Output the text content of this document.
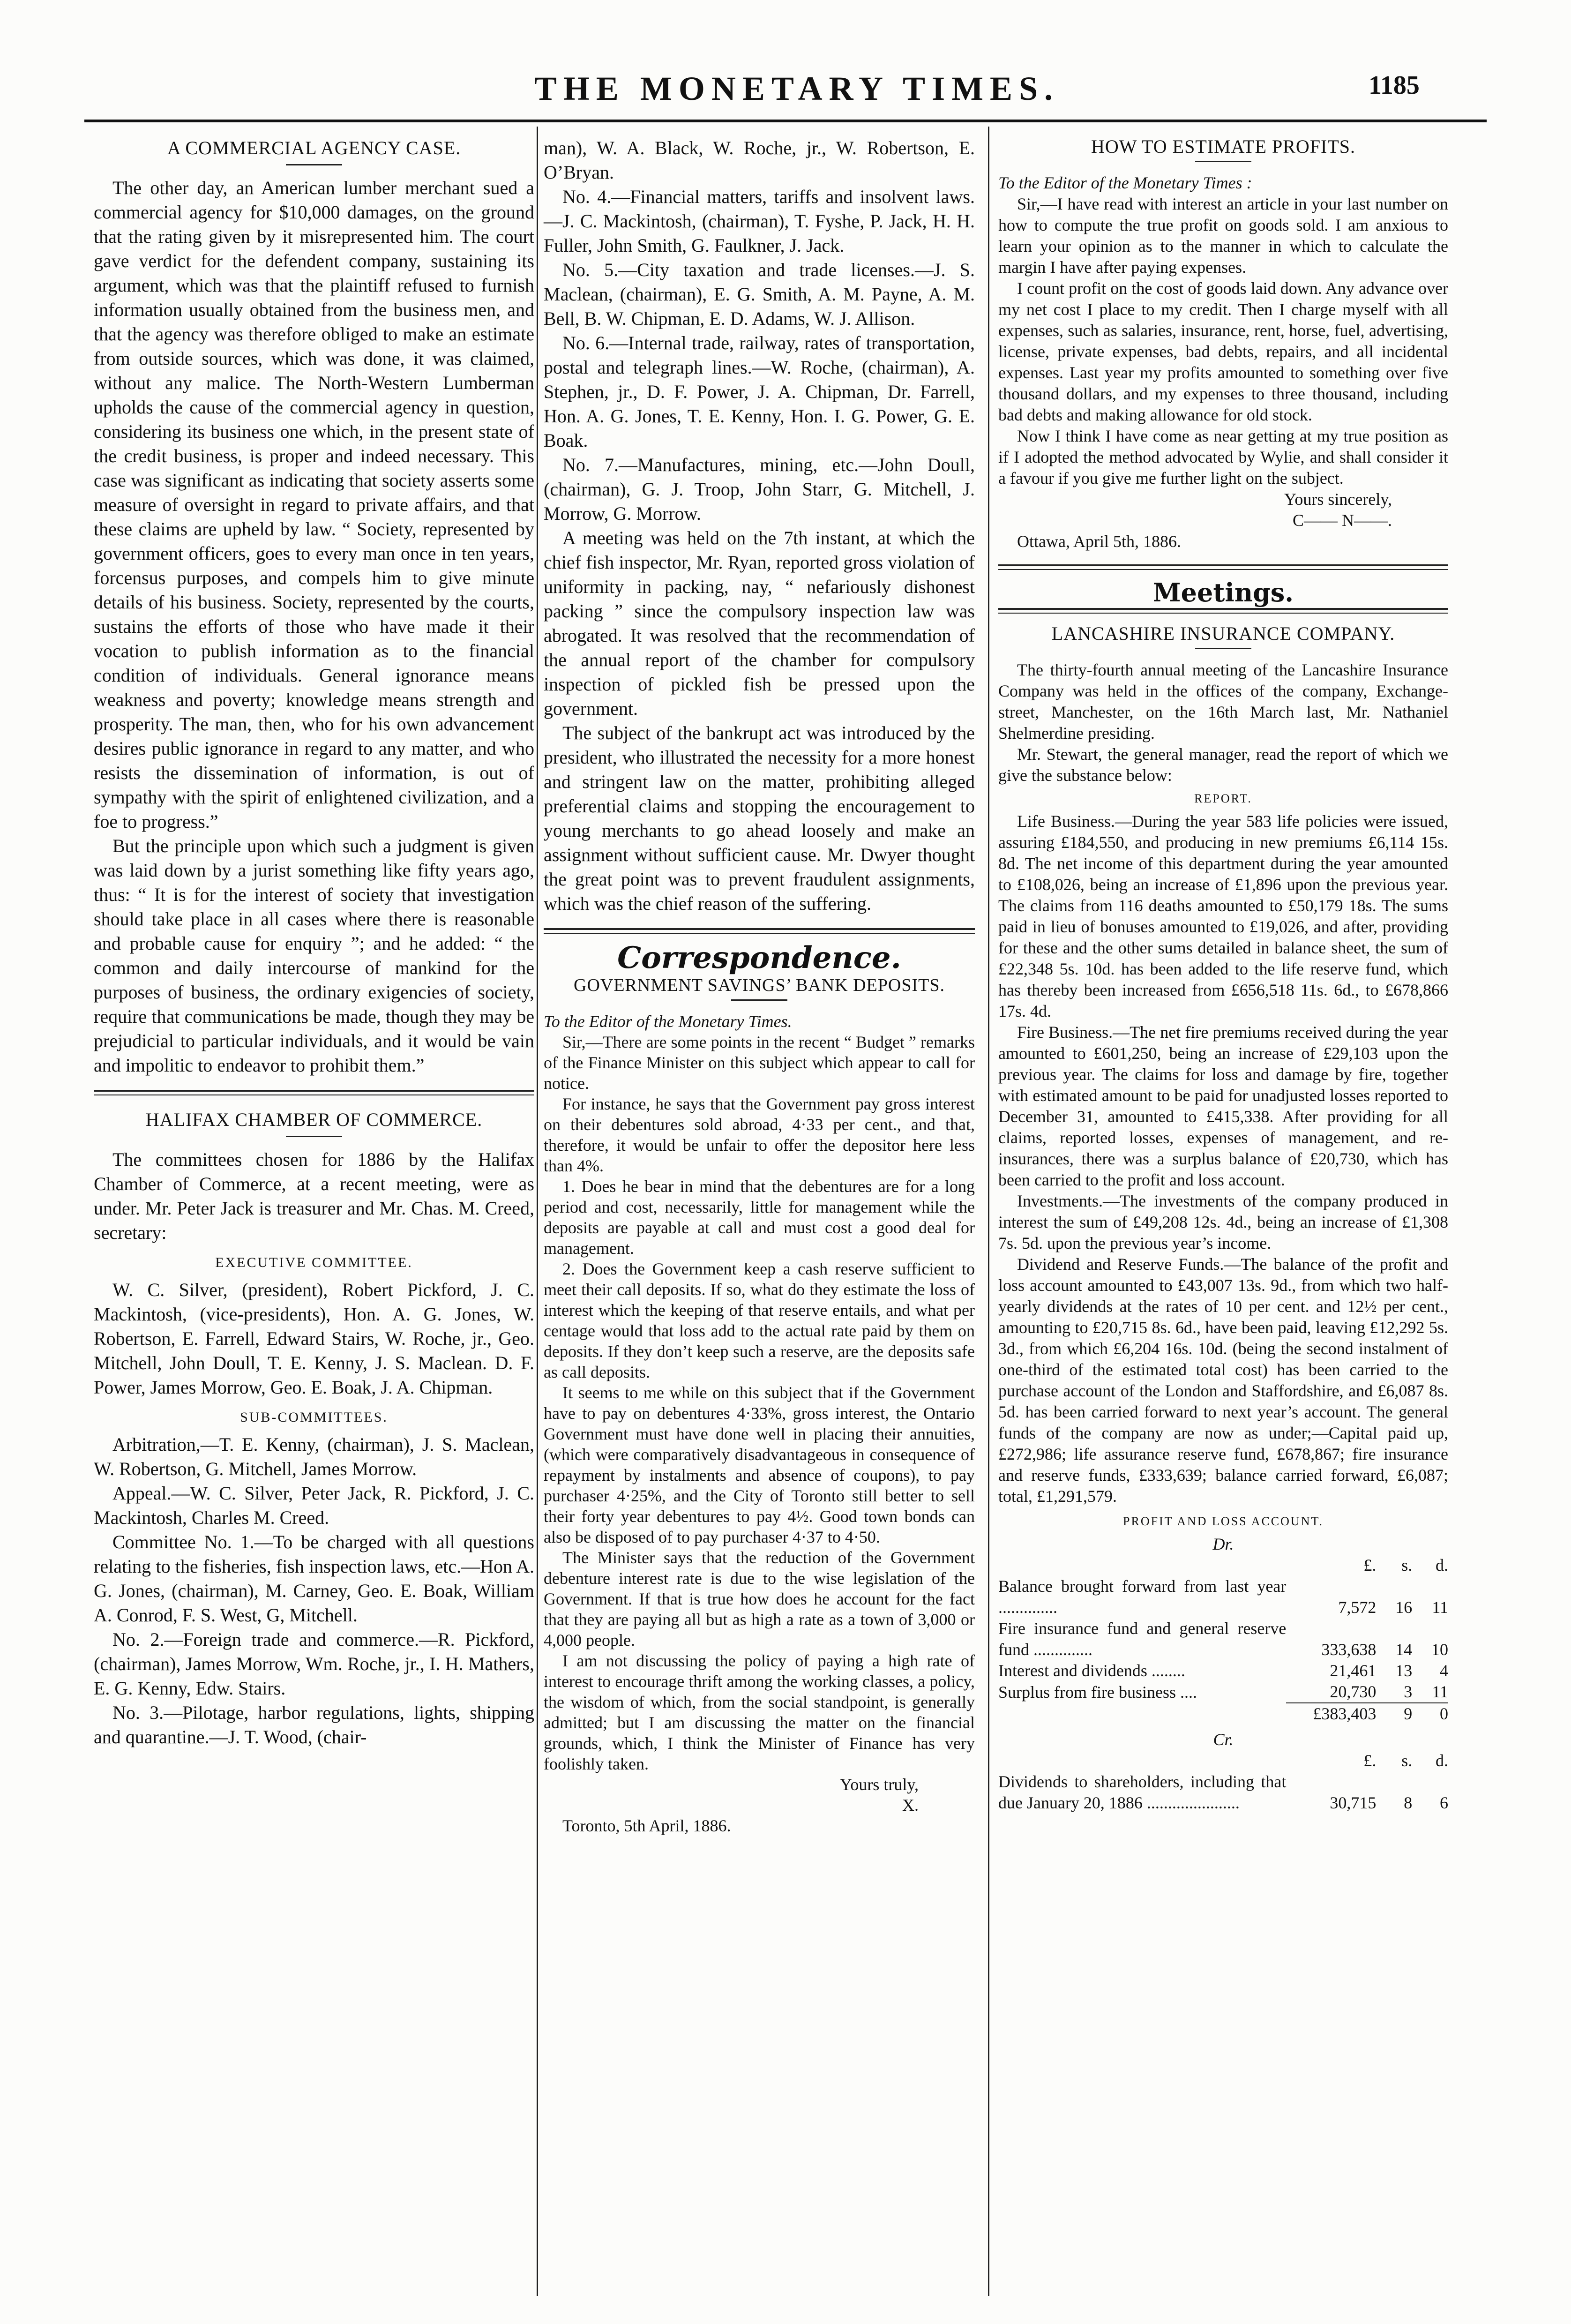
THE MONETARY TIMES.	1185
A COMMERCIAL AGENCY CASE.

The other day, an American lumber merchant sued a commercial agency for $10,000 damages, on the ground that the rating given by it misrepresented him. The court gave verdict for the defendent company, sustaining its argument, which was that the plaintiff refused to furnish information usually obtained from the business men, and that the agency was therefore obliged to make an estimate from outside sources, which was done, it was claimed, without any malice. The North-Western Lumberman upholds the cause of the commercial agency in question, considering its business one which, in the present state of the credit business, is proper and indeed necessary. This case was significant as indicating that society asserts some measure of oversight in regard to private affairs, and that these claims are upheld by law. “ Society, represented by government officers, goes to every man once in ten years, forcensus purposes, and compels him to give minute details of his business. Society, represented by the courts, sustains the efforts of those who have made it their vocation to publish information as to the financial condition of individuals. General ignorance means weakness and poverty; knowledge means strength and prosperity. The man, then, who for his own advancement desires public ignorance in regard to any matter, and who resists the dissemination of information, is out of sympathy with the spirit of enlightened civilization, and a foe to progress.”

But the principle upon which such a judgment is given was laid down by a jurist something like fifty years ago, thus: “ It is for the interest of society that investigation should take place in all cases where there is reasonable and probable cause for enquiry ”; and he added: “ the common and daily intercourse of mankind for the purposes of business, the ordinary exigencies of society, require that communications be made, though they may be prejudicial to particular individuals, and it would be vain and impolitic to endeavor to prohibit them.”

HALIFAX CHAMBER OF COMMERCE.

The committees chosen for 1886 by the Halifax Chamber of Commerce, at a recent meeting, were as under. Mr. Peter Jack is treasurer and Mr. Chas. M. Creed, secretary:

EXECUTIVE COMMITTEE.

W. C. Silver, (president), Robert Pickford, J. C. Mackintosh, (vice-presidents), Hon. A. G. Jones, W. Robertson, E. Farrell, Edward Stairs, W. Roche, jr., Geo. Mitchell, John Doull, T. E. Kenny, J. S. Maclean. D. F. Power, James Morrow, Geo. E. Boak, J. A. Chipman.

SUB-COMMITTEES.

Arbitration,—T. E. Kenny, (chairman), J. S. Maclean, W. Robertson, G. Mitchell, James Morrow.

Appeal.—W. C. Silver, Peter Jack, R. Pickford, J. C. Mackintosh, Charles M. Creed.

Committee No. 1.—To be charged with all questions relating to the fisheries, fish inspection laws, etc.—Hon A. G. Jones, (chairman), M. Carney, Geo. E. Boak, William A. Conrod, F. S. West, G, Mitchell.

No. 2.—Foreign trade and commerce.—R. Pickford, (chairman), James Morrow, Wm. Roche, jr., I. H. Mathers, E. G. Kenny, Edw. Stairs.

No. 3.—Pilotage, harbor regulations, lights, shipping and quarantine.—J. T. Wood, (chair-

man), W. A. Black, W. Roche, jr., W. Robertson, E. O’Bryan.

No. 4.—Financial matters, tariffs and insolvent laws.—J. C. Mackintosh, (chairman), T. Fyshe, P. Jack, H. H. Fuller, John Smith, G. Faulkner, J. Jack.

No. 5.—City taxation and trade licenses.—J. S. Maclean, (chairman), E. G. Smith, A. M. Payne, A. M. Bell, B. W. Chipman, E. D. Adams, W. J. Allison.

No. 6.—Internal trade, railway, rates of transportation, postal and telegraph lines.—W. Roche, (chairman), A. Stephen, jr., D. F. Power, J. A. Chipman, Dr. Farrell, Hon. A. G. Jones, T. E. Kenny, Hon. I. G. Power, G. E. Boak.

No. 7.—Manufactures, mining, etc.—John Doull, (chairman), G. J. Troop, John Starr, G. Mitchell, J. Morrow, G. Morrow.

A meeting was held on the 7th instant, at which the chief fish inspector, Mr. Ryan, reported gross violation of uniformity in packing, nay, “ nefariously dishonest packing ” since the compulsory inspection law was abrogated. It was resolved that the recommendation of the annual report of the chamber for compulsory inspection of pickled fish be pressed upon the government.

The subject of the bankrupt act was introduced by the president, who illustrated the necessity for a more honest and stringent law on the matter, prohibiting alleged preferential claims and stopping the encouragement to young merchants to go ahead loosely and make an assignment without sufficient cause. Mr. Dwyer thought the great point was to prevent fraudulent assignments, which was the chief reason of the suffering.

Correspondence.
GOVERNMENT SAVINGS’ BANK DEPOSITS.

To the Editor of the Monetary Times.

Sir,—There are some points in the recent “ Budget ” remarks of the Finance Minister on this subject which appear to call for notice.

For instance, he says that the Government pay gross interest on their debentures sold abroad, 4·33 per cent., and that, therefore, it would be unfair to offer the depositor here less than 4%.

1. Does he bear in mind that the debentures are for a long period and cost, necessarily, little for management while the deposits are payable at call and must cost a good deal for management.

2. Does the Government keep a cash reserve sufficient to meet their call deposits. If so, what do they estimate the loss of interest which the keeping of that reserve entails, and what per centage would that loss add to the actual rate paid by them on deposits. If they don’t keep such a reserve, are the deposits safe as call deposits.

It seems to me while on this subject that if the Government have to pay on debentures 4·33%, gross interest, the Ontario Government must have done well in placing their annuities, (which were comparatively disadvantageous in consequence of repayment by instalments and absence of coupons), to pay purchaser 4·25%, and the City of Toronto still better to sell their forty year debentures to pay 4½. Good town bonds can also be disposed of to pay purchaser 4·37 to 4·50.

The Minister says that the reduction of the Government debenture interest rate is due to the wise legislation of the Government. If that is true how does he account for the fact that they are paying all but as high a rate as a town of 3,000 or 4,000 people.

I am not discussing the policy of paying a high rate of interest to encourage thrift among the working classes, a policy, the wisdom of which, from the social standpoint, is generally admitted; but I am discussing the matter on the financial grounds, which, I think the Minister of Finance has very foolishly taken.

Yours truly,

X.

Toronto, 5th April, 1886.

HOW TO ESTIMATE PROFITS.

To the Editor of the Monetary Times :

Sir,—I have read with interest an article in your last number on how to compute the true profit on goods sold. I am anxious to learn your opinion as to the manner in which to calculate the margin I have after paying expenses.

I count profit on the cost of goods laid down. Any advance over my net cost I place to my credit. Then I charge myself with all expenses, such as salaries, insurance, rent, horse, fuel, advertising, license, private expenses, bad debts, repairs, and all incidental expenses. Last year my profits amounted to something over five thousand dollars, and my expenses to three thousand, including bad debts and making allowance for old stock.

Now I think I have come as near getting at my true position as if I adopted the method advocated by Wylie, and shall consider it a favour if you give me further light on the subject.

Yours sincerely,

C—— N——.

Ottawa, April 5th, 1886.

Meetings.
LANCASHIRE INSURANCE COMPANY.

The thirty-fourth annual meeting of the Lancashire Insurance Company was held in the offices of the company, Exchange-street, Manchester, on the 16th March last, Mr. Nathaniel Shelmerdine presiding.

Mr. Stewart, the general manager, read the report of which we give the substance below:

REPORT.

Life Business.—During the year 583 life policies were issued, assuring £184,550, and producing in new premiums £6,114 15s. 8d. The net income of this department during the year amounted to £108,026, being an increase of £1,896 upon the previous year. The claims from 116 deaths amounted to £50,179 18s. The sums paid in lieu of bonuses amounted to £19,026, and after, providing for these and the other sums detailed in balance sheet, the sum of £22,348 5s. 10d. has been added to the life reserve fund, which has thereby been increased from £656,518 11s. 6d., to £678,866 17s. 4d.

Fire Business.—The net fire premiums received during the year amounted to £601,250, being an increase of £29,103 upon the previous year. The claims for loss and damage by fire, together with estimated amount to be paid for unadjusted losses reported to December 31, amounted to £415,338. After providing for all claims, reported losses, expenses of management, and re-insurances, there was a surplus balance of £20,730, which has been carried to the profit and loss account.

Investments.—The investments of the company produced in interest the sum of £49,208 12s. 4d., being an increase of £1,308 7s. 5d. upon the previous year’s income.

Dividend and Reserve Funds.—The balance of the profit and loss account amounted to £43,007 13s. 9d., from which two half-yearly dividends at the rates of 10 per cent. and 12½ per cent., amounting to £20,715 8s. 6d., have been paid, leaving £12,292 5s. 3d., from which £6,204 16s. 10d. (being the second instalment of one-third of the estimated total cost) has been carried to the purchase account of the London and Staffordshire, and £6,087 8s. 5d. has been carried forward to next year’s account. The general funds of the company are now as under;—Capital paid up, £272,986; life assurance reserve fund, £678,867; fire insurance and reserve funds, £333,639; balance carried forward, £6,087; total, £1,291,579.

PROFIT AND LOSS ACCOUNT.
Dr.
	£.	s.	d.
Balance brought forward from last year ..............	7,572	16	11
Fire insurance fund and general reserve fund ..............	333,638	14	10
Interest and dividends ........	21,461	13	4
Surplus from fire business ....	20,730	3	11
	£383,403	9	0
Cr.
	£.	s.	d.
Dividends to shareholders, including that due January 20, 1886 ......................	30,715	8	6
